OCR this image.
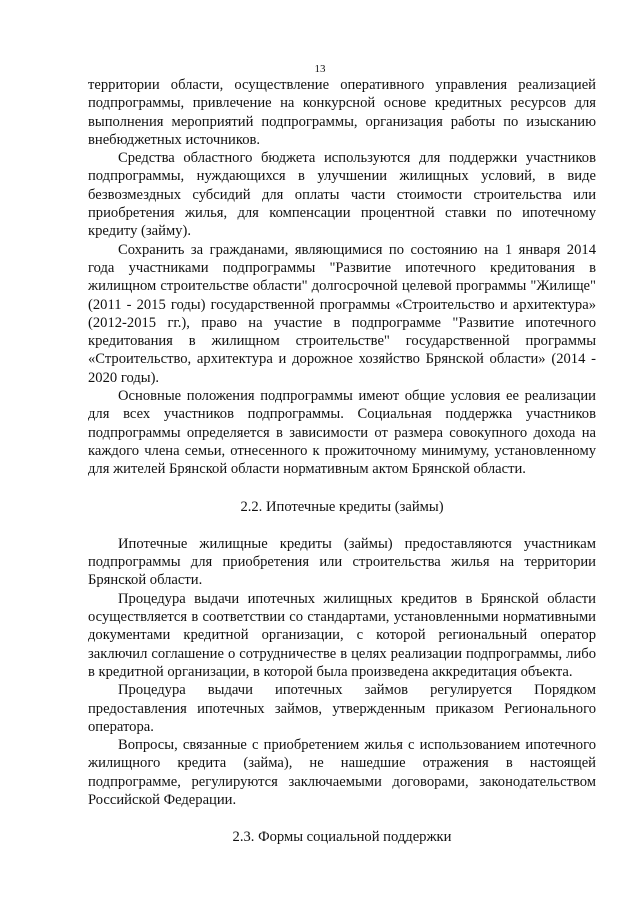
13

территории области, осуществление оперативного управления реализацией подпрограммы, привлечение на конкурсной основе кредитных ресурсов для выполнения мероприятий подпрограммы, организация работы по изысканию внебюджетных источников.

Средства областного бюджета используются для поддержки участников подпрограммы, нуждающихся в улучшении жилищных условий, в виде безвозмездных субсидий для оплаты части стоимости строительства или приобретения жилья, для компенсации процентной ставки по ипотечному кредиту (займу).

Сохранить за гражданами, являющимися по состоянию на 1 января 2014 года участниками подпрограммы "Развитие ипотечного кредитования в жилищном строительстве области" долгосрочной целевой программы "Жилище" (2011 - 2015 годы) государственной программы «Строительство и архитектура» (2012-2015 гг.), право на участие в подпрограмме "Развитие ипотечного кредитования в жилищном строительстве" государственной программы «Строительство, архитектура и дорожное хозяйство Брянской области» (2014 - 2020 годы).

Основные положения подпрограммы имеют общие условия ее реализации для всех участников подпрограммы. Социальная поддержка участников подпрограммы определяется в зависимости от размера совокупного дохода на каждого члена семьи, отнесенного к прожиточному минимуму, установленному для жителей Брянской области нормативным актом Брянской области.

2.2. Ипотечные кредиты (займы)

Ипотечные жилищные кредиты (займы) предоставляются участникам подпрограммы для приобретения или строительства жилья на территории Брянской области.

Процедура выдачи ипотечных жилищных кредитов в Брянской области осуществляется в соответствии со стандартами, установленными нормативными документами кредитной организации, с которой региональный оператор заключил соглашение о сотрудничестве в целях реализации подпрограммы, либо в кредитной организации, в которой была произведена аккредитация объекта.

Процедура выдачи ипотечных займов регулируется Порядком предоставления ипотечных займов, утвержденным приказом Регионального оператора.

Вопросы, связанные с приобретением жилья с использованием ипотечного жилищного кредита (займа), не нашедшие отражения в настоящей подпрограмме, регулируются заключаемыми договорами, законодательством Российской Федерации.

2.3. Формы социальной поддержки
